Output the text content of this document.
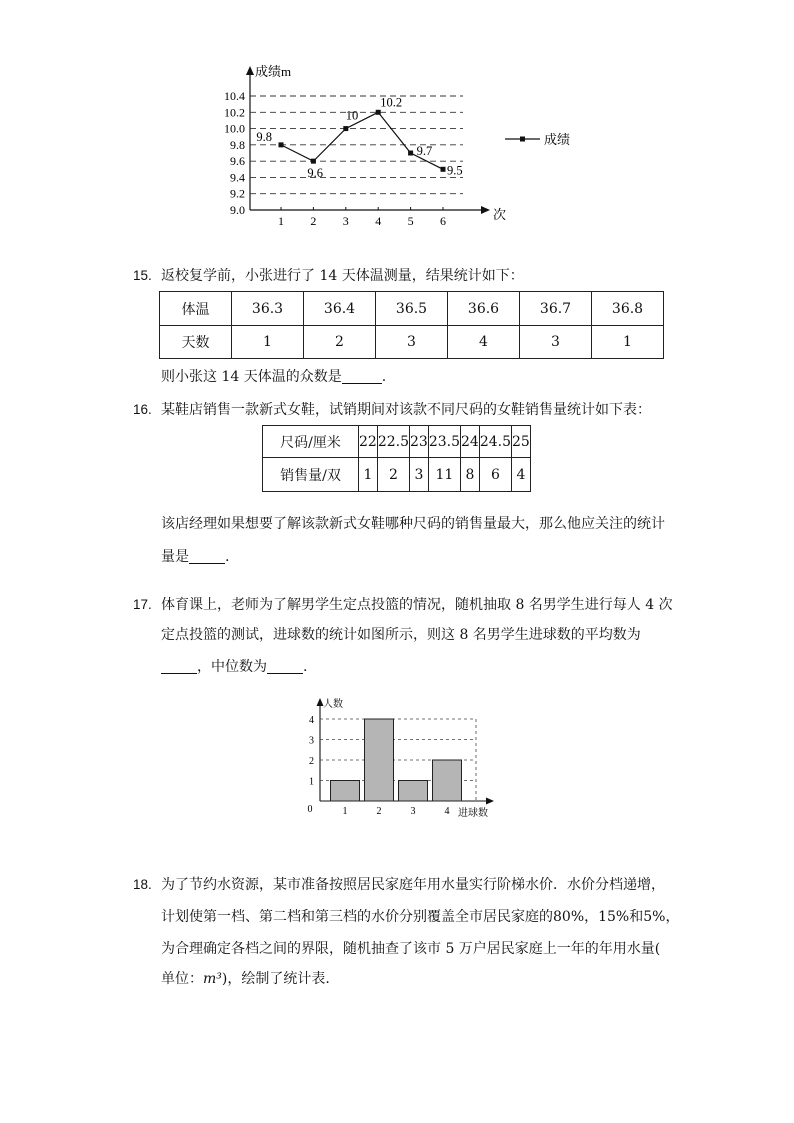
成绩m
次
9.0
9.2
9.4
9.6
9.8
10.0
10.2
10.4
1 2 3 4 5 6
9.8
9.6
10
10.2
9.7
9.5
成绩
15. 返校复学前，小张进行了 14 天体温测量，结果统计如下：
体温	36.3	36.4	36.5	36.6	36.7	36.8
天数	1	2	3	4	3	1
则小张这 14 天体温的众数是	.
16. 某鞋店销售一款新式女鞋，试销期间对该款不同尺码的女鞋销售量统计如下表：
尺码/厘米	22	22.5	23	23.5	24	24.5	25
销售量/双	1	2	3	11	8	6	4
该店经理如果想要了解该款新式女鞋哪种尺码的销售量最大，那么他应关注的统计
量是	.
17. 体育课上，老师为了解男学生定点投篮的情况，随机抽取 8 名男学生进行每人 4 次
定点投篮的测试，进球数的统计如图所示，则这 8 名男学生进球数的平均数为
，中位数为	.
人数
进球数
0
1
2
3
4
1	2	3	4
18. 为了节约水资源，某市准备按照居民家庭年用水量实行阶梯水价．水价分档递增，
计划使第一档、第二档和第三档的水价分别覆盖全市居民家庭的80%，15%和5%，
为合理确定各档之间的界限，随机抽查了该市 5 万户居民家庭上一年的年用水量(
单位：m³)，绘制了统计表.
